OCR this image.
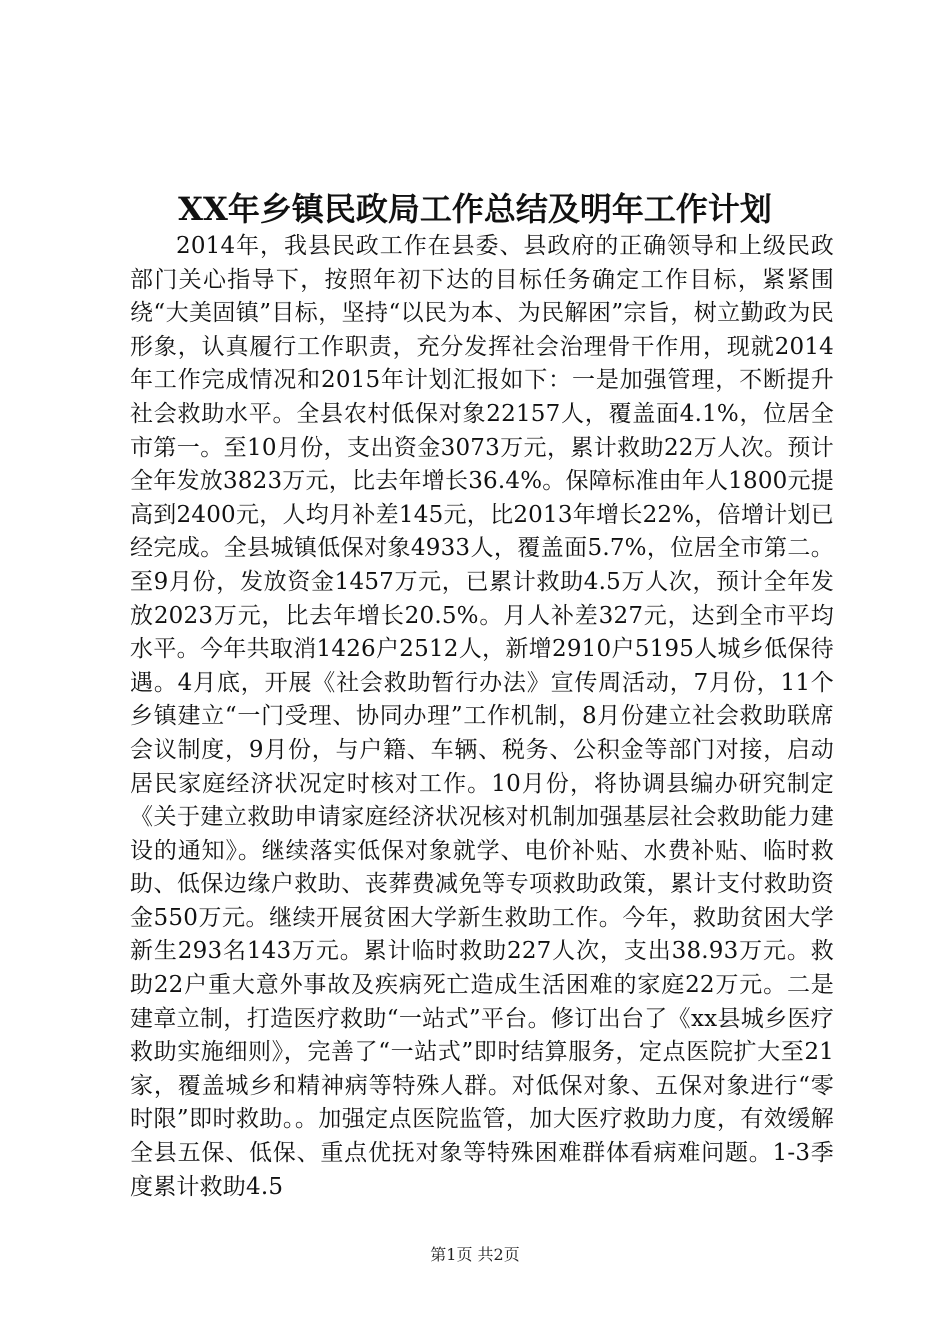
XX年乡镇民政局工作总结及明年工作计划

2014年，我县民政工作在县委、县政府的正确领导和上级民政部门关心指导下，按照年初下达的目标任务确定工作目标，紧紧围绕“大美固镇”目标，坚持“以民为本、为民解困”宗旨，树立勤政为民形象，认真履行工作职责，充分发挥社会治理骨干作用，现就2014年工作完成情况和2015年计划汇报如下：一是加强管理，不断提升社会救助水平。全县农村低保对象22157人，覆盖面4.1%，位居全市第一。至10月份，支出资金3073万元，累计救助22万人次。预计全年发放3823万元，比去年增长36.4%。保障标准由年人1800元提高到2400元，人均月补差145元，比2013年增长22%，倍增计划已经完成。全县城镇低保对象4933人，覆盖面5.7%，位居全市第二。至9月份，发放资金1457万元，已累计救助4.5万人次，预计全年发放2023万元，比去年增长20.5%。月人补差327元，达到全市平均水平。今年共取消1426户2512人，新增2910户5195人城乡低保待遇。4月底，开展《社会救助暂行办法》宣传周活动，7月份，11个乡镇建立“一门受理、协同办理”工作机制，8月份建立社会救助联席会议制度，9月份，与户籍、车辆、税务、公积金等部门对接，启动居民家庭经济状况定时核对工作。10月份，将协调县编办研究制定《关于建立救助申请家庭经济状况核对机制加强基层社会救助能力建设的通知》。继续落实低保对象就学、电价补贴、水费补贴、临时救助、低保边缘户救助、丧葬费减免等专项救助政策，累计支付救助资金550万元。继续开展贫困大学新生救助工作。今年，救助贫困大学新生293名143万元。累计临时救助227人次，支出38.93万元。救助22户重大意外事故及疾病死亡造成生活困难的家庭22万元。二是建章立制，打造医疗救助“一站式”平台。修订出台了《xx县城乡医疗救助实施细则》，完善了“一站式”即时结算服务，定点医院扩大至21家，覆盖城乡和精神病等特殊人群。对低保对象、五保对象进行“零时限”即时救助。。加强定点医院监管，加大医疗救助力度，有效缓解全县五保、低保、重点优抚对象等特殊困难群体看病难问题。1-3季度累计救助4.5

第1页 共2页
